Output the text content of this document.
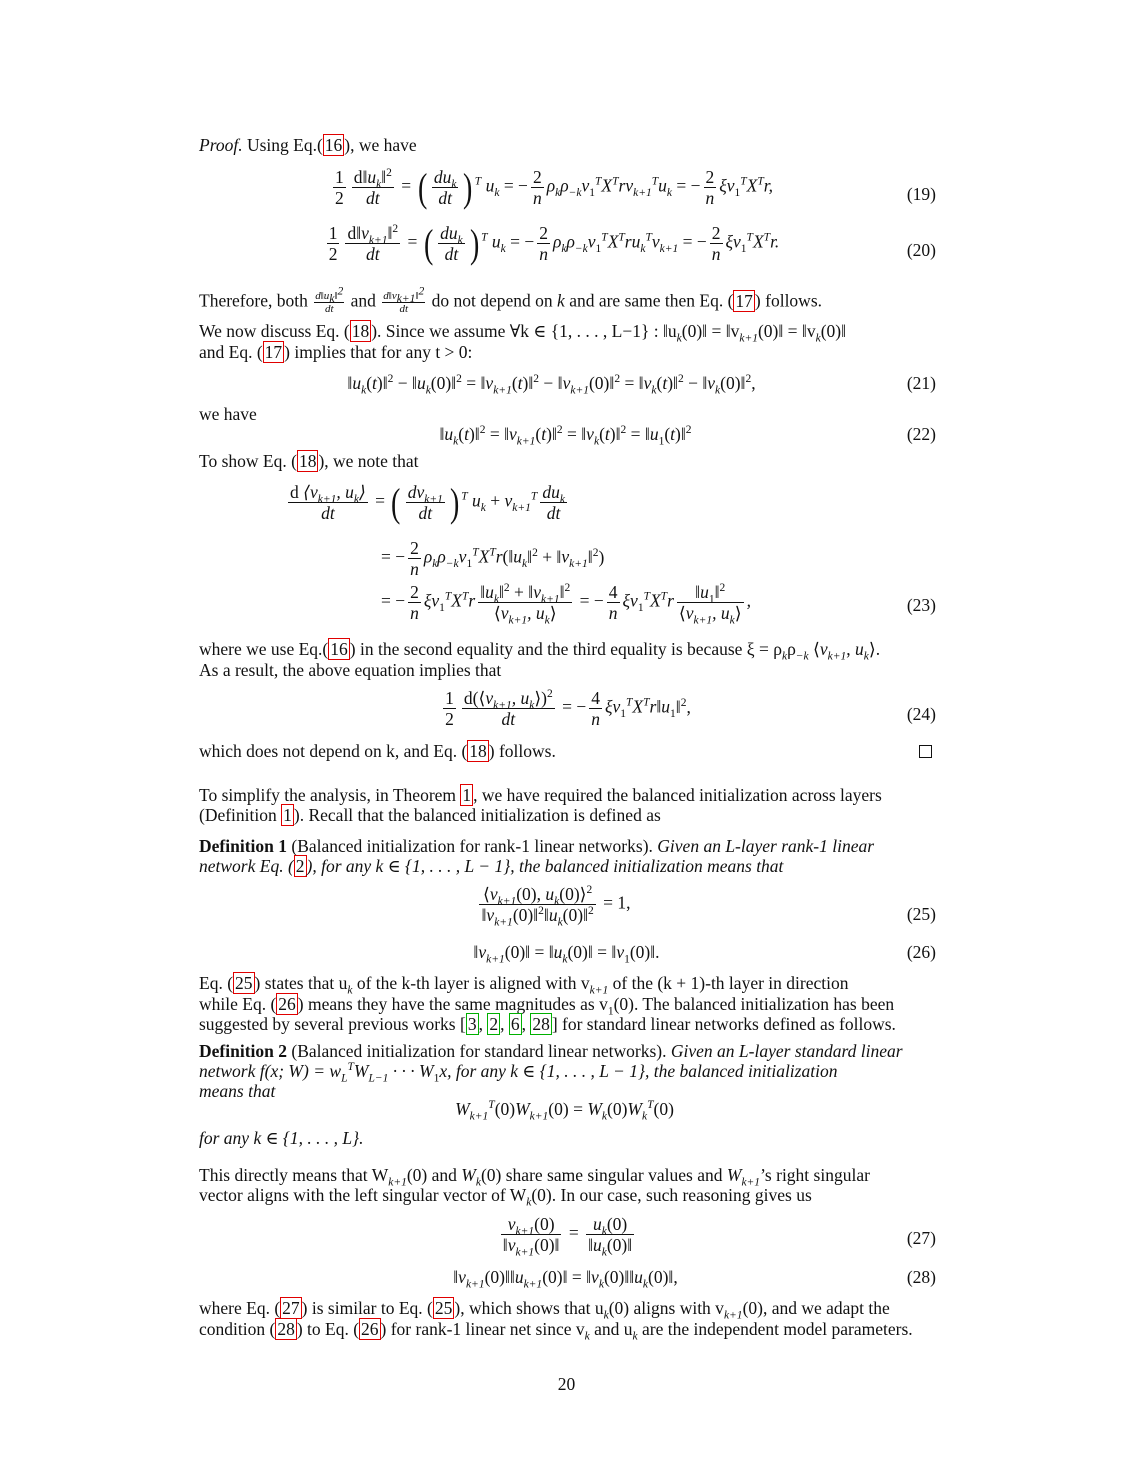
Proof. Using Eq.( 16 ), we have
$\frac{1}{2} \frac{d‖u_k‖^2}{dt}$ = ( $\frac{du_k}{dt}$ ) $^T$ $u_k$ = − $\frac{2}{n} \rho_k\rho_{-k}v_1^TX^Trv_{k+1}^Tu_k$ = − $\frac{2}{n} \xi v_1^TX^Tr$,	(19)
$\frac{1}{2} \frac{d‖v_{k+1}‖^2}{dt}$ = ( $\frac{du_k}{dt}$ ) $^T$ $u_k$ = − $\frac{2}{n} \rho_k\rho_{-k}v_1^TX^Tru_k^Tv_{k+1}$ = − $\frac{2}{n} \xi v_1^TX^Tr$.	(20)
Therefore, both $\frac{d‖u_k‖^2}{dt}$ and $\frac{d‖v_{k+1}‖^2}{dt}$ do not depend on k and are same then Eq. ( 17 ) follows.
We now discuss Eq. ( 18 ). Since we assume ∀k ∈ {1, . . . , L−1} : $‖u_k(0)‖$ = $‖v_{k+1}(0)‖$ = $‖v_k(0)‖$
and Eq. ( 17 ) implies that for any t > 0:
$‖u_k(t)‖^2$ − $‖u_k(0)‖^2$ = $‖v_{k+1}(t)‖^2$ − $‖v_{k+1}(0)‖^2$ = $‖v_k(t)‖^2$ − $‖v_k(0)‖^2$,	(21)
we have
$‖u_k(t)‖^2$ = $‖v_{k+1}(t)‖^2$ = $‖v_k(t)‖^2$ = $‖u_1(t)‖^2$	(22)
To show Eq. ( 18 ), we note that
$\frac{d ⟨v_{k+1}, u_k⟩}{dt}$ = ( $\frac{dv_{k+1}}{dt}$ ) $^T$ $u_k + v_{k+1}^T \frac{du_k}{dt}$
= − $\frac{2}{n}$ $\rho_k\rho_{-k}v_1^TX^Tr(‖u_k‖^2$ + $‖v_{k+1}‖^2$)
= − $\frac{2}{n} \xi v_1^TX^Tr \frac{‖u_k‖^2 + ‖v_{k+1}‖^2}{⟨v_{k+1}, u_k⟩}$ = − $\frac{4}{n} \xi v_1^TX^Tr \frac{‖u_1‖^2}{⟨v_{k+1}, u_k⟩}$ ,	(23)
where we use Eq.( 16 ) in the second equality and the third equality is because $\xi = \rho_k\rho_{-k}$ $⟨v_{k+1}$, $u_k⟩$.
As a result, the above equation implies that
$\frac{1}{2} \frac{d(⟨v_{k+1}, u_k⟩)^2}{dt}$ = − $\frac{4}{n}$ $\xi v_1^TX^Tr‖u_1‖^2$,	(24)
which does not depend on k, and Eq. ( 18 ) follows.
To simplify the analysis, in Theorem 1 , we have required the balanced initialization across layers
(Definition 1 ). Recall that the balanced initialization is defined as
Definition 1 (Balanced initialization for rank-1 linear networks). Given an L-layer rank-1 linear
network Eq. ( 2 ), for any k ∈ {1, . . . , L − 1}, the balanced initialization means that
$\frac{⟨v_{k+1}(0), u_k(0)⟩^2}{‖v_{k+1}(0)‖^2‖u_k(0)‖^2} = 1$,
(25)
$‖v_{k+1}(0)‖$ = $‖u_k(0)‖$ = $‖v_1(0)‖$.	(26)
Eq. ( 25 ) states that $u_k$ of the k-th layer is aligned with $v_{k+1}$ of the (k + 1)-th layer in direction
while Eq. ( 26 ) means they have the same magnitudes as $v_1(0)$. The balanced initialization has been
suggested by several previous works [ 3 , 2 , 6 , 28 ] for standard linear networks defined as follows.
Definition 2 (Balanced initialization for standard linear networks). Given an L-layer standard linear
network f(x; $W) = w_L^TW_{L-1}$ · · · $W_1x$, for any k ∈ {1, . . . , L − 1}, the balanced initialization
means that
$W_{k+1}^T(0)W_{k+1}(0) = W_k(0)W_k^T(0)$
for any k ∈ {1, . . . , L}.
This directly means that $W_{k+1}(0)$ and $W_k(0)$ share same singular values and $W_{k+1}’s$ right singular
vector aligns with the left singular vector of $W_k(0)$. In our case, such reasoning gives us
$\frac{v_{k+1}(0)}{‖v_{k+1}(0)‖} = \frac{u_k(0)}{‖u_k(0)‖}$	(27)
$‖v_{k+1}(0)‖‖u_{k+1}(0)‖$ = $‖v_k(0)‖‖u_k(0)‖$,	(28)
where Eq. ( 27 ) is similar to Eq. ( 25 ), which shows that $u_k(0)$ aligns with $v_{k+1}(0)$, and we adapt the
condition ( 28 ) to Eq. ( 26 ) for rank-1 linear net since $v_k$ and $u_k$ are the independent model parameters.
20
